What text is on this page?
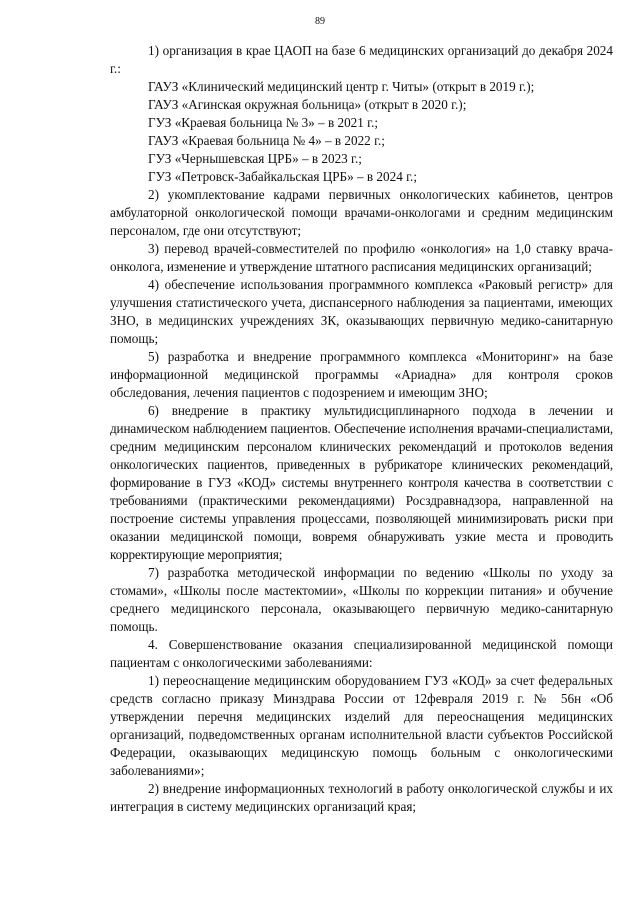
89

1) организация в крае ЦАОП на базе 6 медицинских организаций до декабря 2024 г.:

ГАУЗ «Клинический медицинский центр г. Читы» (открыт в 2019 г.);
ГАУЗ «Агинская окружная больница» (открыт в 2020 г.);
ГУЗ «Краевая больница № 3» – в 2021 г.;
ГАУЗ «Краевая больница № 4» – в 2022 г.;
ГУЗ «Чернышевская ЦРБ» – в 2023 г.;
ГУЗ «Петровск-Забайкальская ЦРБ» – в 2024 г.;

2) укомплектование кадрами первичных онкологических кабинетов, центров амбулаторной онкологической помощи врачами-онкологами и средним медицинским персоналом, где они отсутствуют;

3) перевод врачей-совместителей по профилю «онкология» на 1,0 ставку врача-онколога, изменение и утверждение штатного расписания медицинских организаций;

4) обеспечение использования программного комплекса «Раковый регистр» для улучшения статистического учета, диспансерного наблюдения за пациентами, имеющих ЗНО, в медицинских учреждениях ЗК, оказывающих первичную медико-санитарную помощь;

5) разработка и внедрение программного комплекса «Мониторинг» на базе информационной медицинской программы «Ариадна» для контроля сроков обследования, лечения пациентов с подозрением и имеющим ЗНО;

6) внедрение в практику мультидисциплинарного подхода в лечении и динамическом наблюдением пациентов. Обеспечение исполнения врачами-специалистами, средним медицинским персоналом клинических рекомендаций и протоколов ведения онкологических пациентов, приведенных в рубрикаторе клинических рекомендаций, формирование в ГУЗ «КОД» системы внутреннего контроля качества в соответствии с требованиями (практическими рекомендациями) Росздравнадзора, направленной на построение системы управления процессами, позволяющей минимизировать риски при оказании медицинской помощи, вовремя обнаруживать узкие места и проводить корректирующие мероприятия;

7) разработка методической информации по ведению «Школы по уходу за стомами», «Школы после мастектомии», «Школы по коррекции питания» и обучение среднего медицинского персонала, оказывающего первичную медико-санитарную помощь.

4. Совершенствование оказания специализированной медицинской помощи пациентам с онкологическими заболеваниями:

1) переоснащение медицинским оборудованием ГУЗ «КОД» за счет федеральных средств согласно приказу Минздрава России от 12февраля 2019 г. № 56н «Об утверждении перечня медицинских изделий для переоснащения медицинских организаций, подведомственных органам исполнительной власти субъектов Российской Федерации, оказывающих медицинскую помощь больным с онкологическими заболеваниями»;

2) внедрение информационных технологий в работу онкологической службы и их интеграция в систему медицинских организаций края;
